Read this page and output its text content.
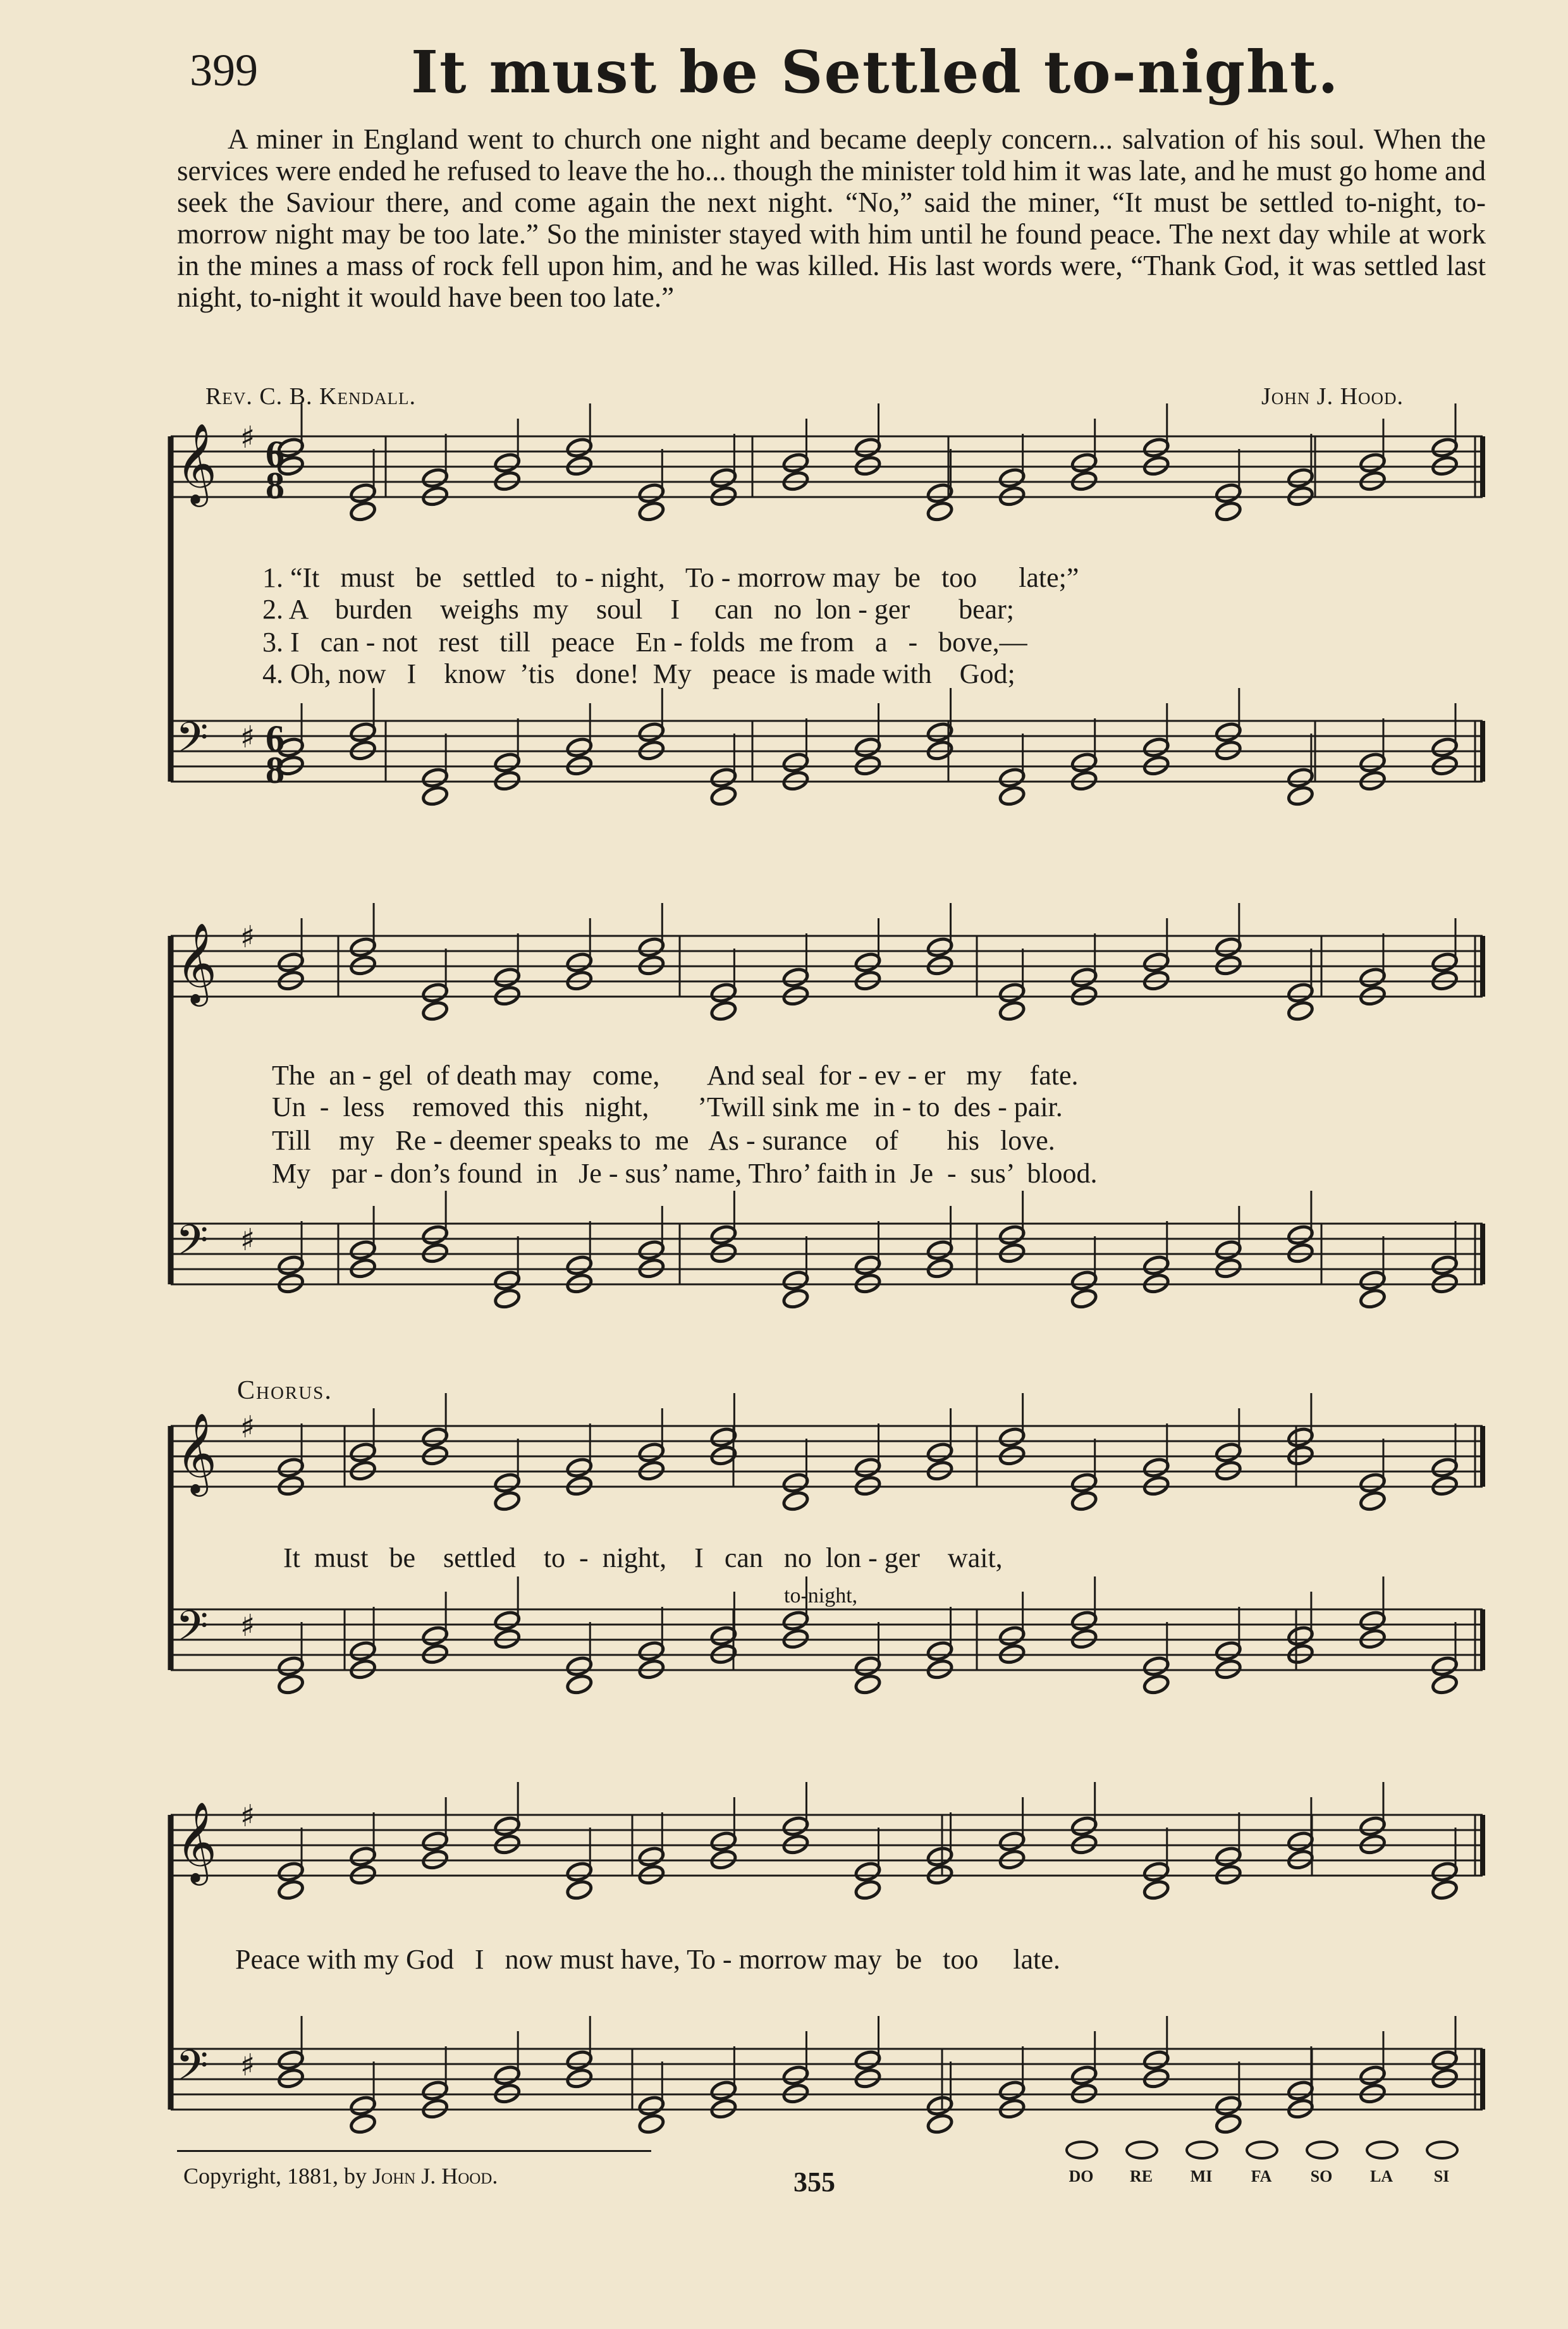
399	It must be Settled to-night.

A miner in England went to church one night and became deeply concern... salvation of his soul. When the services were ended he refused to leave the ho... though the minister told him it was late, and he must go home and seek the Saviour there, and come again the next night. “No,” said the miner, “It must be settled to-night, to-morrow night may be too late.” So the minister stayed with him until he found peace. The next day while at work in the mines a mass of rock fell upon him, and he was killed. His last words were, “Thank God, it was settled last night, to-night it would have been too late.”

Rev. C. B. Kendall.	John J. Hood.
𝄞 ♯
𝄢 ♯
𝄞 ♯
𝄢 ♯
𝄞 ♯
𝄢 ♯
𝄞 ♯
𝄢 ♯
6
8
6
8
1. “It   must   be   settled   to - night,   To - morrow may  be   too      late;”
2. A    burden    weighs  my    soul    I     can   no  lon - ger       bear;
3. I   can - not   rest   till   peace   En - folds  me from   a   -   bove,—
4. Oh, now   I    know  ’tis   done!  My   peace  is made with    God;
The  an - gel  of death may   come,       And seal  for - ev - er   my    fate.
Un  -  less    removed  this   night,       ’Twill sink me  in - to  des - pair.
Till    my   Re - deemer speaks to  me   As - surance    of       his   love.
My   par - don’s found  in   Je - sus’ name, Thro’ faith in  Je  -  sus’  blood.
Chorus.
It  must   be    settled    to  -  night,    I   can   no  lon - ger    wait,
to-night,
Peace with my God   I   now must have, To - morrow may  be   too     late.
Copyright, 1881, by John J. Hood.	355	DO	RE	MI	FA	SO	LA	SI
